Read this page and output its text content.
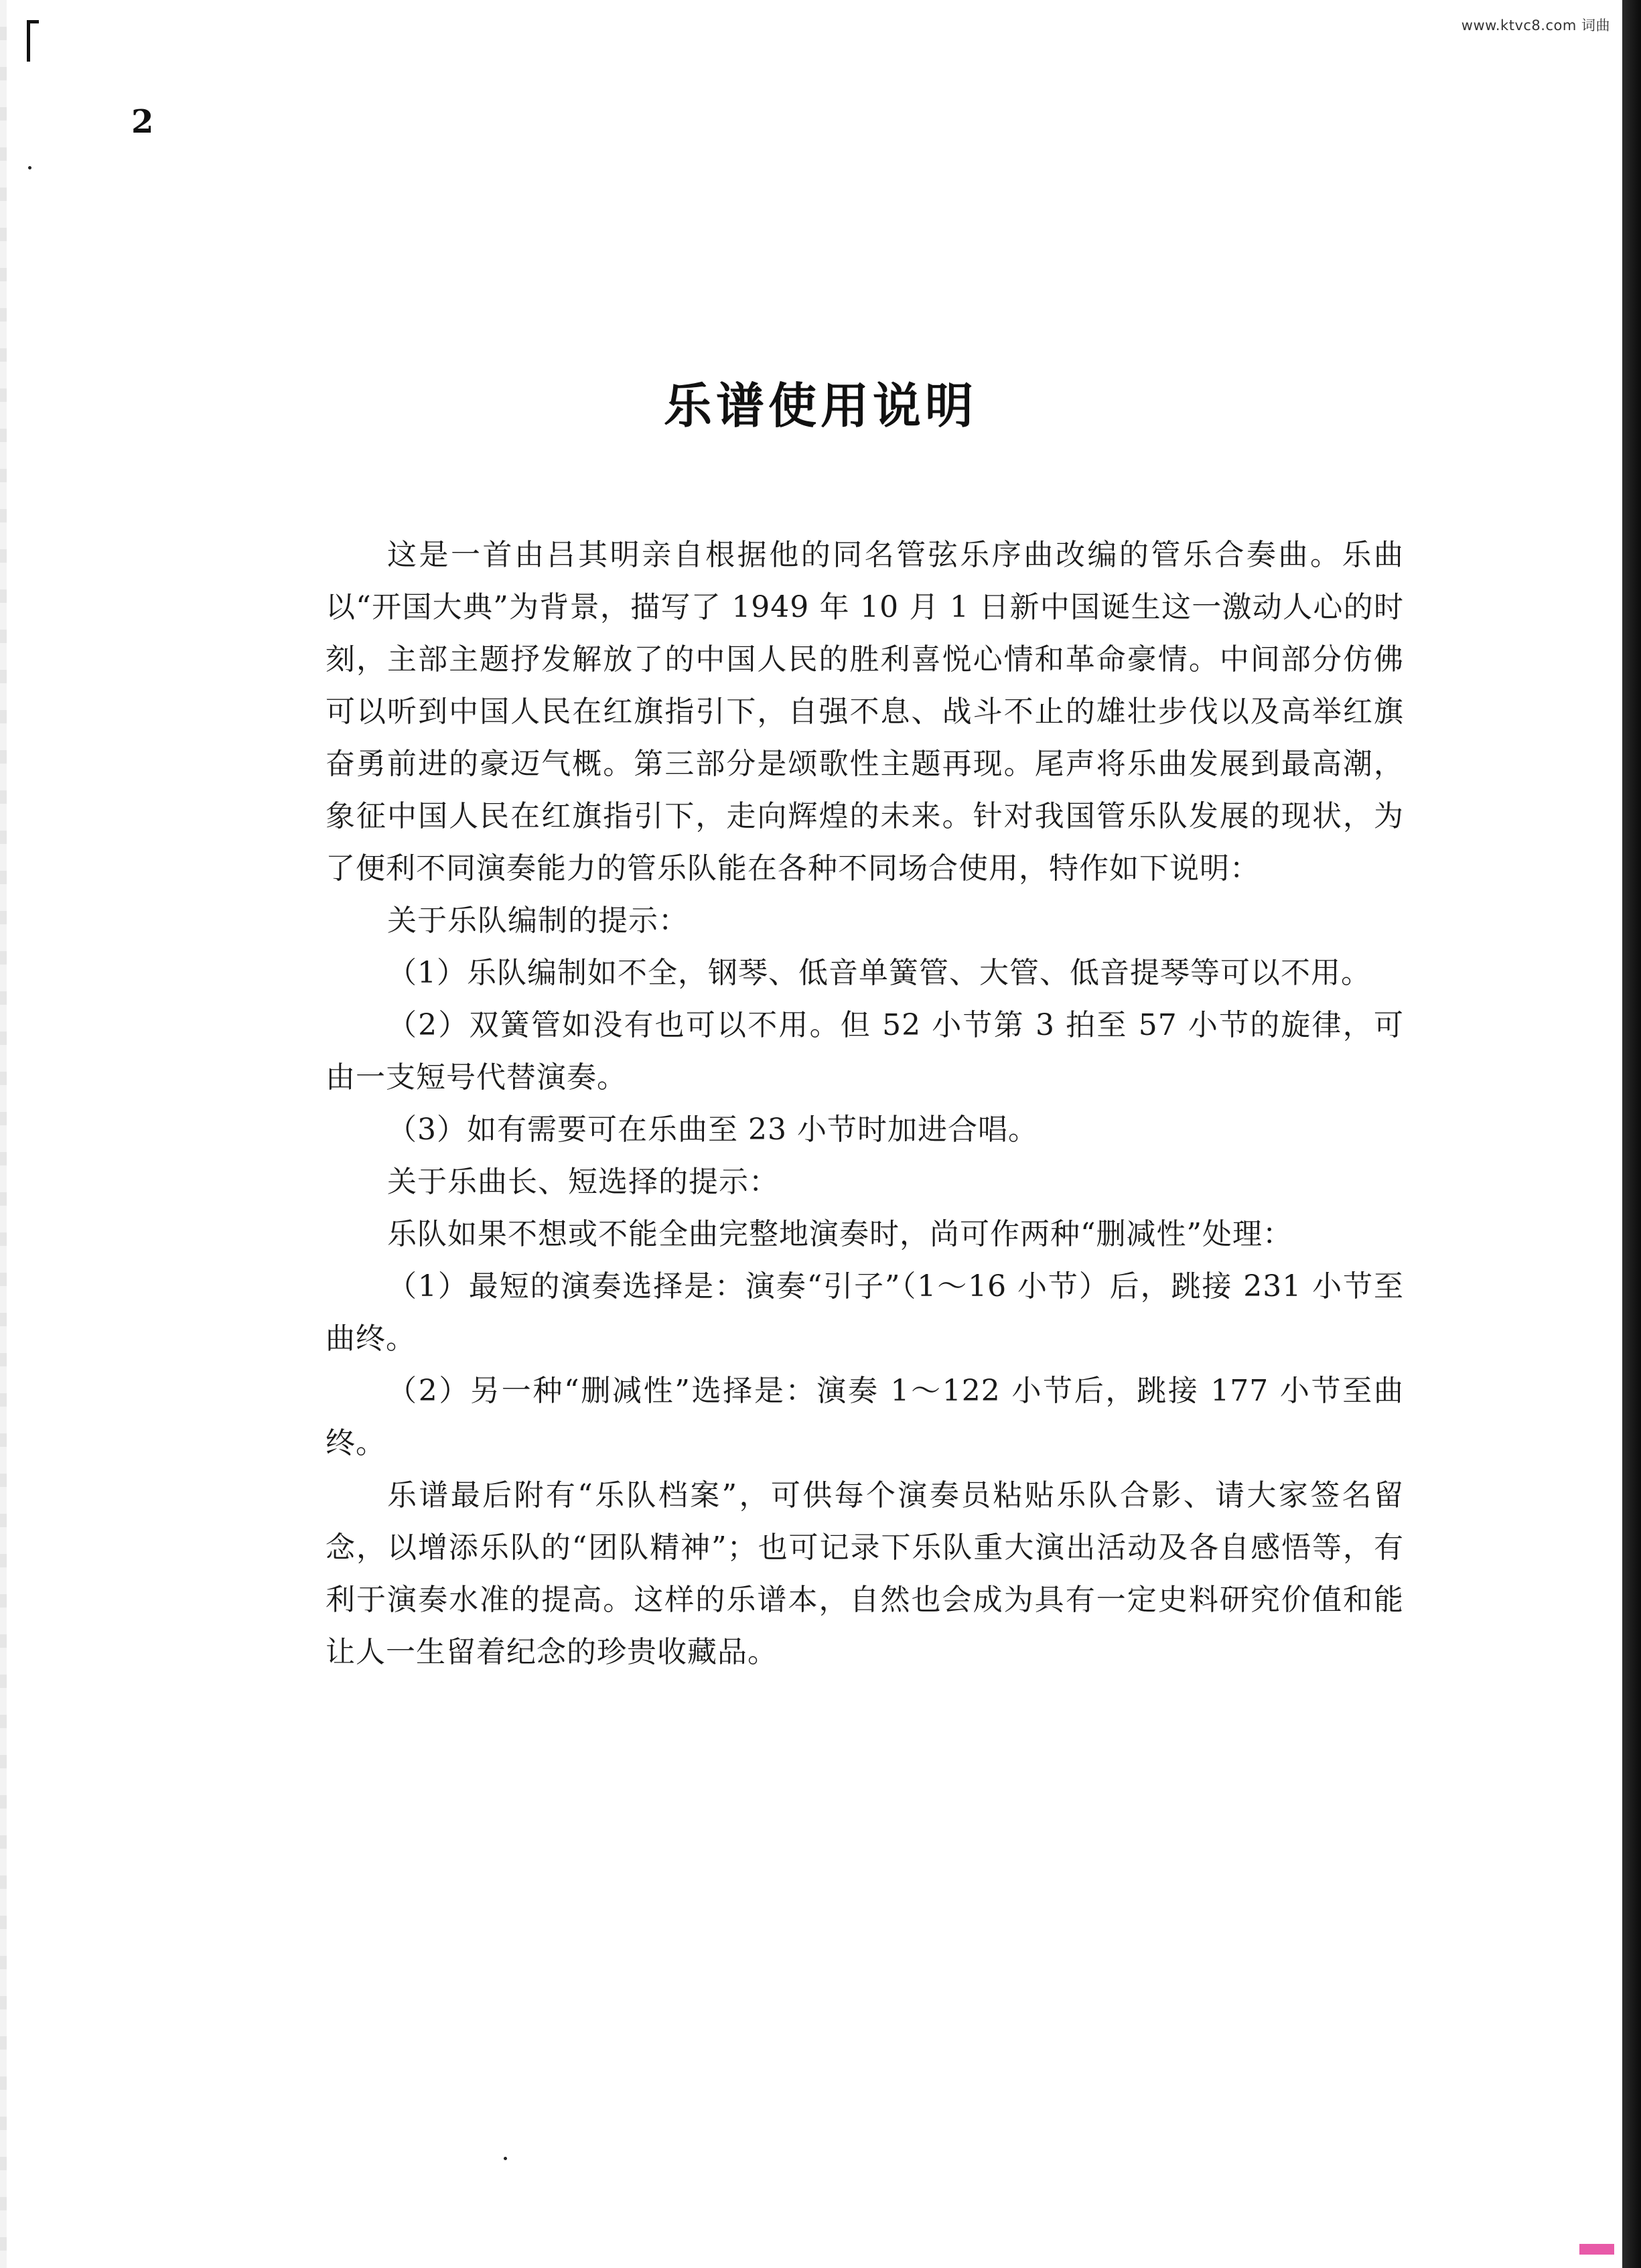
www.ktvc8.com 词曲
2
乐谱使用说明

这是一首由吕其明亲自根据他的同名管弦乐序曲改编的管乐合奏曲。乐曲以“开国大典”为背景，描写了 1949 年 10 月 1 日新中国诞生这一激动人心的时刻，主部主题抒发解放了的中国人民的胜利喜悦心情和革命豪情。中间部分仿佛可以听到中国人民在红旗指引下，自强不息、战斗不止的雄壮步伐以及高举红旗奋勇前进的豪迈气概。第三部分是颂歌性主题再现。尾声将乐曲发展到最高潮，象征中国人民在红旗指引下，走向辉煌的未来。针对我国管乐队发展的现状，为了便利不同演奏能力的管乐队能在各种不同场合使用，特作如下说明：

关于乐队编制的提示：

（1）乐队编制如不全，钢琴、低音单簧管、大管、低音提琴等可以不用。

（2）双簧管如没有也可以不用。但 52 小节第 3 拍至 57 小节的旋律，可由一支短号代替演奏。

（3）如有需要可在乐曲至 23 小节时加进合唱。

关于乐曲长、短选择的提示：

乐队如果不想或不能全曲完整地演奏时，尚可作两种“删减性”处理：

（1）最短的演奏选择是：演奏“引子”（1～16 小节）后，跳接 231 小节至曲终。

（2）另一种“删减性”选择是：演奏 1～122 小节后，跳接 177 小节至曲终。

乐谱最后附有“乐队档案”，可供每个演奏员粘贴乐队合影、请大家签名留念，以增添乐队的“团队精神”；也可记录下乐队重大演出活动及各自感悟等，有利于演奏水准的提高。这样的乐谱本，自然也会成为具有一定史料研究价值和能让人一生留着纪念的珍贵收藏品。
